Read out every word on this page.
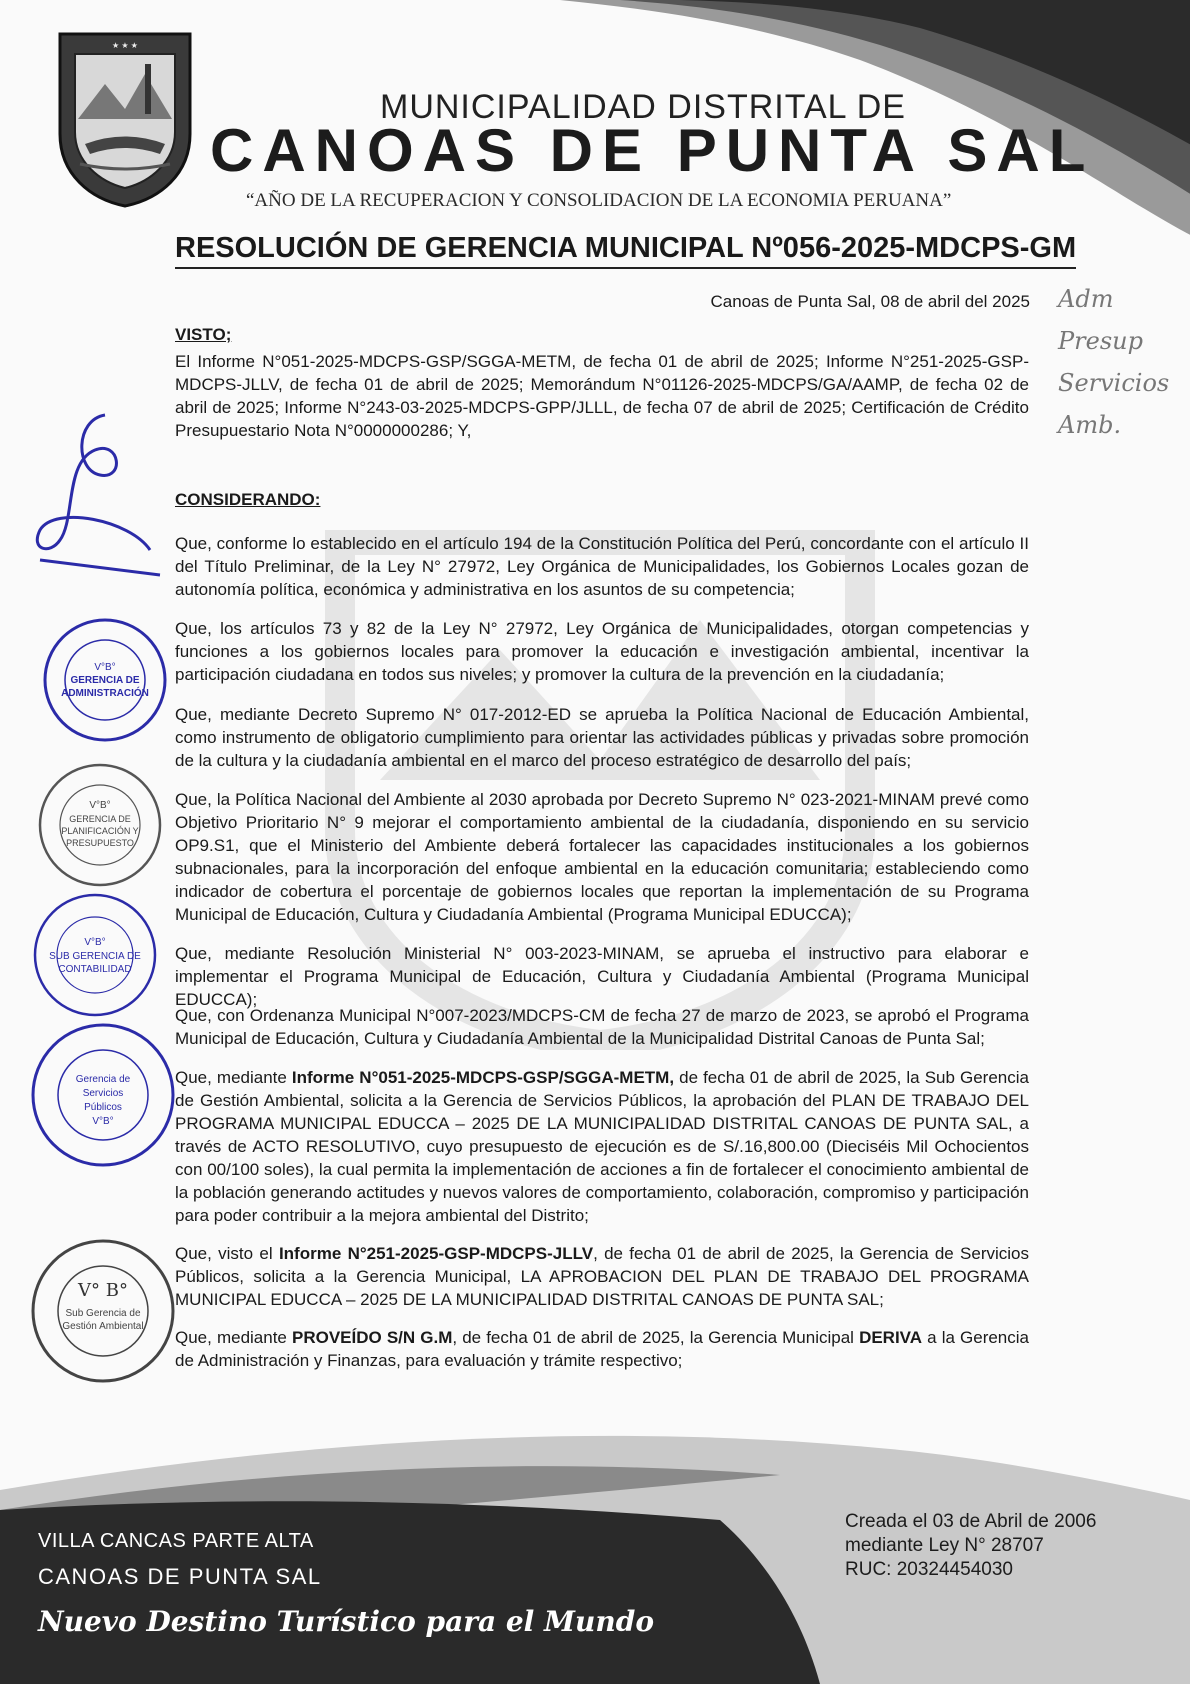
★ ★ ★
MUNICIPALIDAD DISTRITAL DE
CANOAS DE PUNTA SAL
“AÑO DE LA RECUPERACION Y CONSOLIDACION DE LA ECONOMIA PERUANA”
RESOLUCIÓN DE GERENCIA MUNICIPAL Nº056-2025-MDCPS-GM
Canoas de Punta Sal, 08 de abril del 2025 Adm
Presup
Servicios
Amb.
VISTO;
El Informe N°051-2025-MDCPS-GSP/SGGA-METM, de fecha 01 de abril de 2025; Informe N°251-2025-GSP-MDCPS-JLLV, de fecha 01 de abril de 2025; Memorándum N°01126-2025-MDCPS/GA/AAMP, de fecha 02 de abril de 2025; Informe N°243-03-2025-MDCPS-GPP/JLLL, de fecha 07 de abril de 2025; Certificación de Crédito Presupuestario Nota N°0000000286; Y,
CONSIDERANDO:
Que, conforme lo establecido en el artículo 194 de la Constitución Política del Perú, concordante con el artículo II del Título Preliminar, de la Ley N° 27972, Ley Orgánica de Municipalidades, los Gobiernos Locales gozan de autonomía política, económica y administrativa en los asuntos de su competencia;
Que, los artículos 73 y 82 de la Ley N° 27972, Ley Orgánica de Municipalidades, otorgan competencias y funciones a los gobiernos locales para promover la educación e investigación ambiental, incentivar la participación ciudadana en todos sus niveles; y promover la cultura de la prevención en la ciudadanía;
Que, mediante Decreto Supremo N° 017-2012-ED se aprueba la Política Nacional de Educación Ambiental, como instrumento de obligatorio cumplimiento para orientar las actividades públicas y privadas sobre promoción de la cultura y la ciudadanía ambiental en el marco del proceso estratégico de desarrollo del país;
Que, la Política Nacional del Ambiente al 2030 aprobada por Decreto Supremo N° 023-2021-MINAM prevé como Objetivo Prioritario N° 9 mejorar el comportamiento ambiental de la ciudadanía, disponiendo en su servicio OP9.S1, que el Ministerio del Ambiente deberá fortalecer las capacidades institucionales a los gobiernos subnacionales, para la incorporación del enfoque ambiental en la educación comunitaria; estableciendo como indicador de cobertura el porcentaje de gobiernos locales que reportan la implementación de su Programa Municipal de Educación, Cultura y Ciudadanía Ambiental (Programa Municipal EDUCCA);
Que, mediante Resolución Ministerial N° 003-2023-MINAM, se aprueba el instructivo para elaborar e implementar el Programa Municipal de Educación, Cultura y Ciudadanía Ambiental (Programa Municipal EDUCCA);
Que, con Ordenanza Municipal N°007-2023/MDCPS-CM de fecha 27 de marzo de 2023, se aprobó el Programa Municipal de Educación, Cultura y Ciudadanía Ambiental de la Municipalidad Distrital Canoas de Punta Sal;
Que, mediante Informe N°051-2025-MDCPS-GSP/SGGA-METM, de fecha 01 de abril de 2025, la Sub Gerencia de Gestión Ambiental, solicita a la Gerencia de Servicios Públicos, la aprobación del PLAN DE TRABAJO DEL PROGRAMA MUNICIPAL EDUCCA – 2025 DE LA MUNICIPALIDAD DISTRITAL CANOAS DE PUNTA SAL, a través de ACTO RESOLUTIVO, cuyo presupuesto de ejecución es de S/.16,800.00 (Dieciséis Mil Ochocientos con 00/100 soles), la cual permita la implementación de acciones a fin de fortalecer el conocimiento ambiental de la población generando actitudes y nuevos valores de comportamiento, colaboración, compromiso y participación para poder contribuir a la mejora ambiental del Distrito;
Que, visto el Informe N°251-2025-GSP-MDCPS-JLLV, de fecha 01 de abril de 2025, la Gerencia de Servicios Públicos, solicita a la Gerencia Municipal, LA APROBACION DEL PLAN DE TRABAJO DEL PROGRAMA MUNICIPAL EDUCCA – 2025 DE LA MUNICIPALIDAD DISTRITAL CANOAS DE PUNTA SAL;
Que, mediante PROVEÍDO S/N G.M, de fecha 01 de abril de 2025, la Gerencia Municipal DERIVA a la Gerencia de Administración y Finanzas, para evaluación y trámite respectivo;
V°B°
GERENCIA DE
ADMINISTRACIÓN
V°B°
GERENCIA DE
PLANIFICACIÓN Y
PRESUPUESTO
V°B°
SUB GERENCIA DE
CONTABILIDAD
Gerencia de
Servicios
Públicos
V°B°
V° B°
Sub Gerencia de
Gestión Ambiental
VILLA CANCAS PARTE ALTA
CANOAS DE PUNTA SAL
Nuevo Destino Turístico para el Mundo
Creada el 03 de Abril de 2006
mediante Ley N° 28707
RUC: 20324454030
